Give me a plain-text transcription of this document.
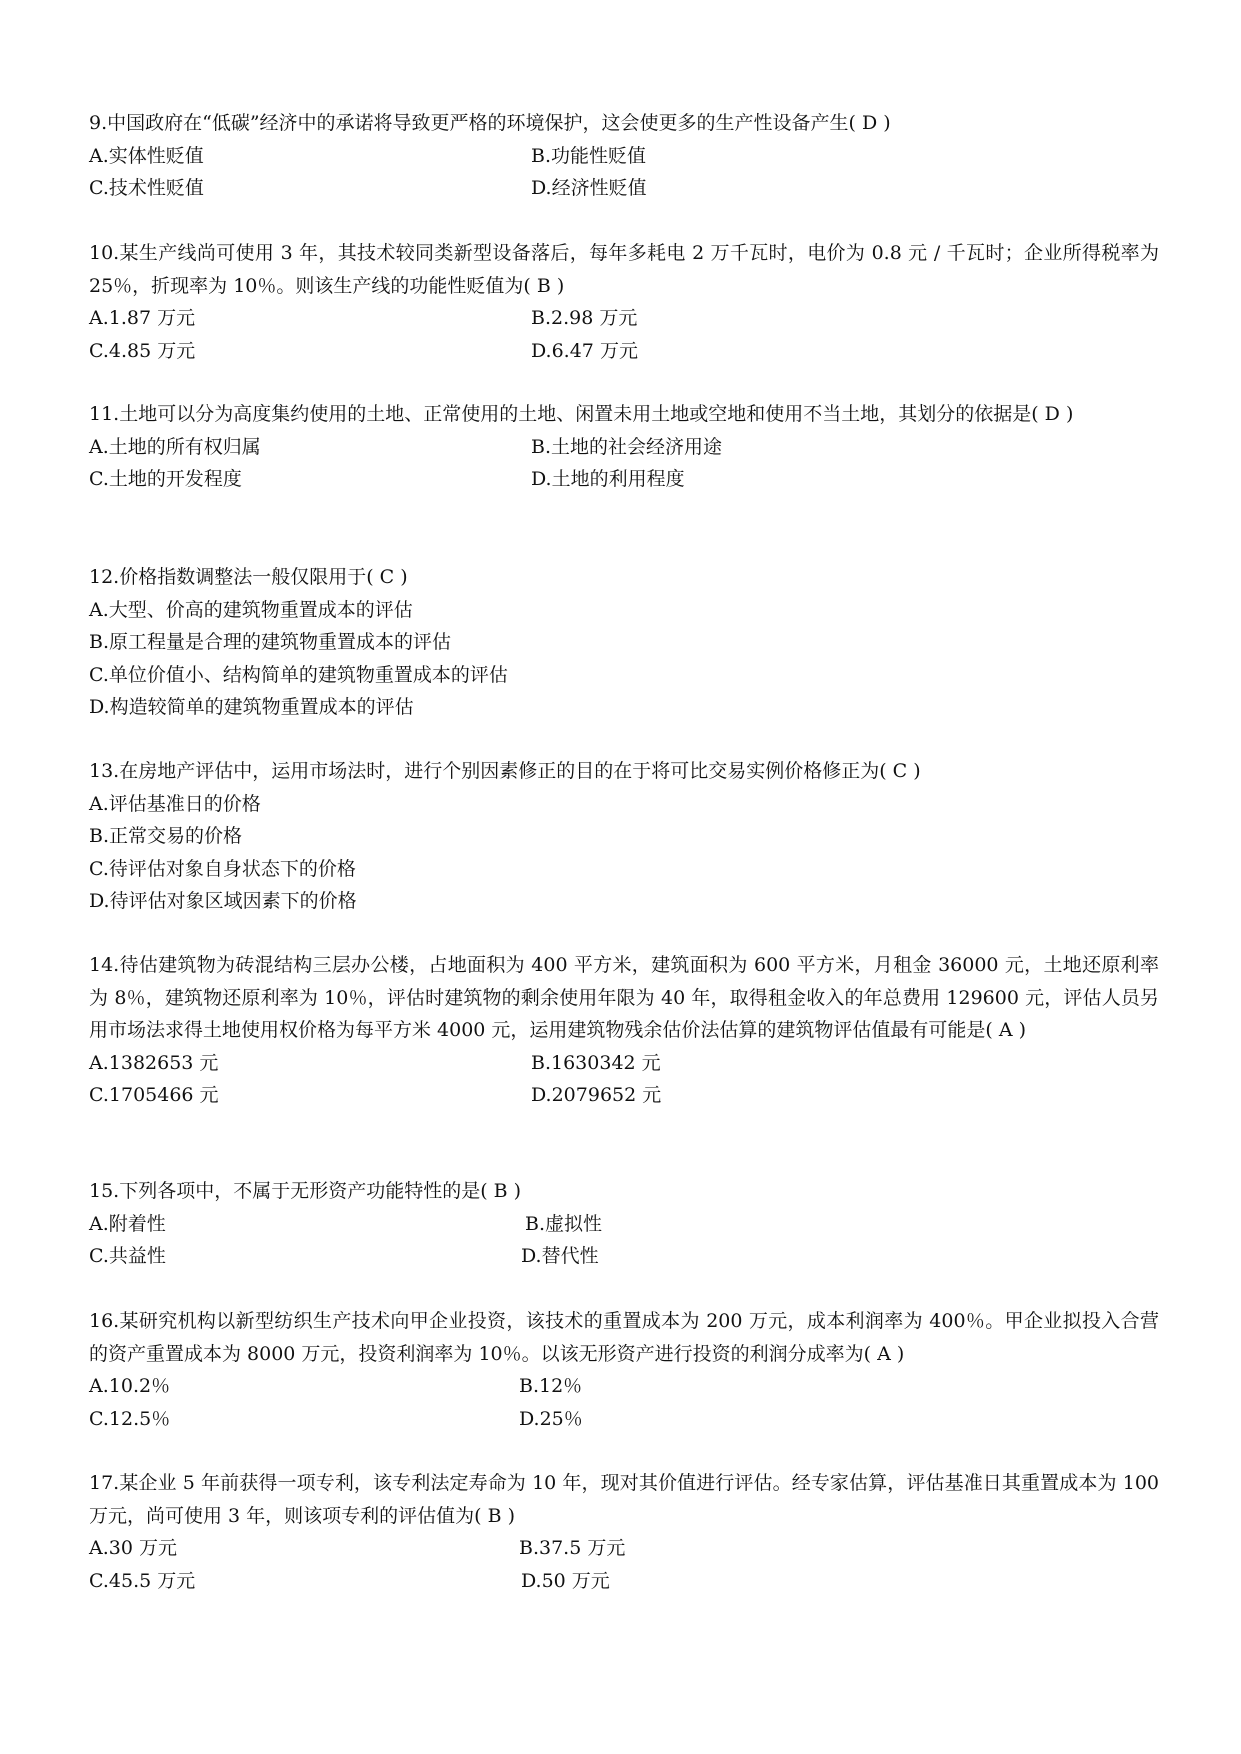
9.中国政府在“低碳”经济中的承诺将导致更严格的环境保护，这会使更多的生产性设备产生( D )

A.实体性贬值	B.功能性贬值
C.技术性贬值	D.经济性贬值

10.某生产线尚可使用 3 年，其技术较同类新型设备落后，每年多耗电 2 万千瓦时，电价为 0.8 元 / 千瓦时；企业所得税率为 25％，折现率为 10％。则该生产线的功能性贬值为( B )

A.1.87 万元	B.2.98 万元
C.4.85 万元	D.6.47 万元

11.土地可以分为高度集约使用的土地、正常使用的土地、闲置未用土地或空地和使用不当土地，其划分的依据是( D )

A.土地的所有权归属	B.土地的社会经济用途
C.土地的开发程度	D.土地的利用程度
12.价格指数调整法一般仅限用于( C )
A.大型、价高的建筑物重置成本的评估
B.原工程量是合理的建筑物重置成本的评估
C.单位价值小、结构简单的建筑物重置成本的评估
D.构造较简单的建筑物重置成本的评估
13.在房地产评估中，运用市场法时，进行个别因素修正的目的在于将可比交易实例价格修正为( C )
A.评估基准日的价格
B.正常交易的价格
C.待评估对象自身状态下的价格
D.待评估对象区域因素下的价格

14.待估建筑物为砖混结构三层办公楼，占地面积为 400 平方米，建筑面积为 600 平方米，月租金 36000 元，土地还原利率为 8％，建筑物还原利率为 10％，评估时建筑物的剩余使用年限为 40 年，取得租金收入的年总费用 129600 元，评估人员另用市场法求得土地使用权价格为每平方米 4000 元，运用建筑物残余估价法估算的建筑物评估值最有可能是( A )

A.1382653 元	B.1630342 元
C.1705466 元	D.2079652 元
15.下列各项中，不属于无形资产功能特性的是( B )
A.附着性	B.虚拟性
C.共益性	D.替代性

16.某研究机构以新型纺织生产技术向甲企业投资，该技术的重置成本为 200 万元，成本利润率为 400％。甲企业拟投入合营的资产重置成本为 8000 万元，投资利润率为 10％。以该无形资产进行投资的利润分成率为( A )

A.10.2％	B.12％
C.12.5％	D.25％

17.某企业 5 年前获得一项专利，该专利法定寿命为 10 年，现对其价值进行评估。经专家估算，评估基准日其重置成本为 100 万元，尚可使用 3 年，则该项专利的评估值为( B )

A.30 万元	B.37.5 万元
C.45.5 万元	D.50 万元
